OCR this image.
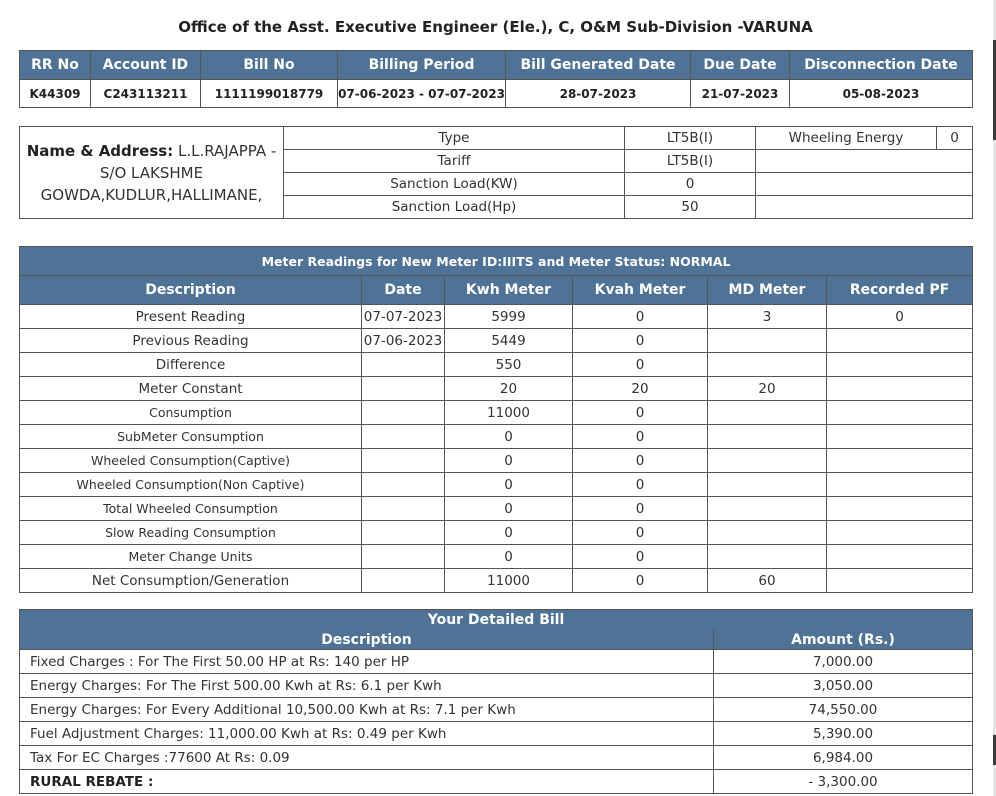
Office of the Asst. Executive Engineer (Ele.), C, O&M Sub-Division -VARUNA
RR No	Account ID	Bill No	Billing Period	Bill Generated Date	Due Date	Disconnection Date
K44309	C243113211	1111199018779	07-06-2023 - 07-07-2023	28-07-2023	21-07-2023	05-08-2023
Name & Address: L.L.RAJAPPA - S/O LAKSHME GOWDA,KUDLUR,HALLIMANE,	Type	LT5B(I)	Wheeling Energy	0
	Tariff	LT5B(I)		
	Sanction Load(KW)	0		
	Sanction Load(Hp)	50		
Meter Readings for New Meter ID:IIITS and Meter Status: NORMAL					
Description	Date	Kwh Meter	Kvah Meter	MD Meter	Recorded PF
Present Reading	07-07-2023	5999	0	3	0
Previous Reading	07-06-2023	5449	0		
Difference		550	0		
Meter Constant		20	20	20	
Consumption		11000	0		
SubMeter Consumption		0	0		
Wheeled Consumption(Captive)		0	0		
Wheeled Consumption(Non Captive)		0	0		
Total Wheeled Consumption		0	0		
Slow Reading Consumption		0	0		
Meter Change Units		0	0		
Net Consumption/Generation		11000	0	60	
Your Detailed Bill	
Description	Amount (Rs.)
Fixed Charges : For The First 50.00 HP at Rs: 140 per HP	7,000.00
Energy Charges: For The First 500.00 Kwh at Rs: 6.1 per Kwh	3,050.00
Energy Charges: For Every Additional 10,500.00 Kwh at Rs: 7.1 per Kwh	74,550.00
Fuel Adjustment Charges: 11,000.00 Kwh at Rs: 0.49 per Kwh	5,390.00
Tax For EC Charges :77600 At Rs: 0.09	6,984.00
RURAL REBATE :	- 3,300.00
